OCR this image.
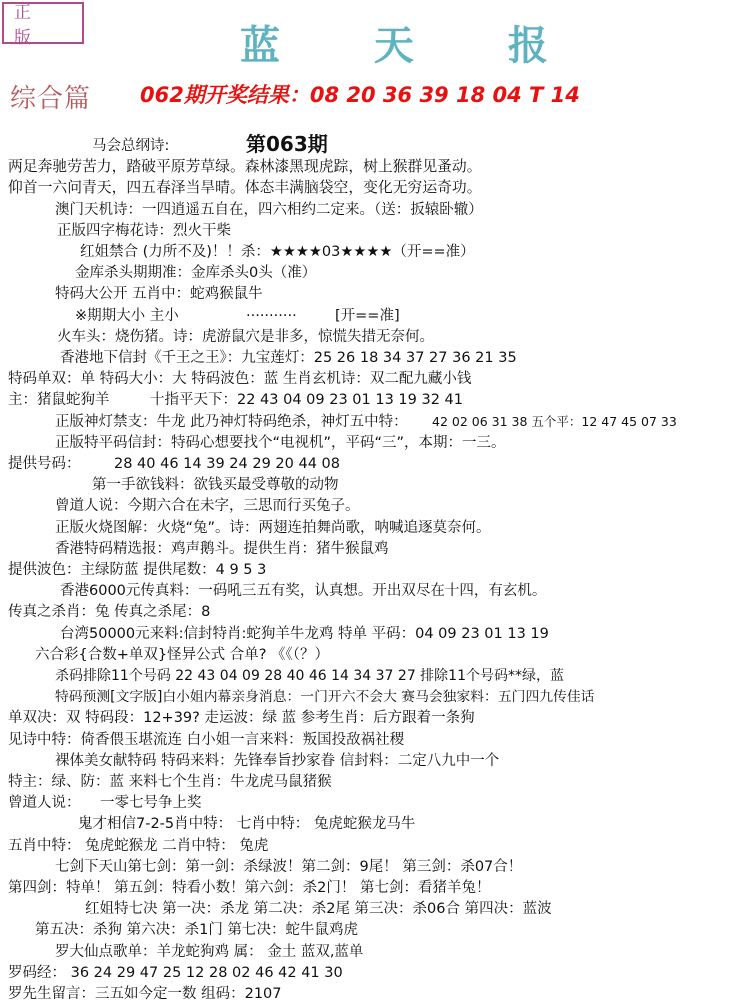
正 版	蓝 天 报
综合篇 062期开奖结果：08 20 36 39 18 04 T 14
第063期
马会总纲诗:
两足奔驰劳苦力，踏破平原芳草绿。森林漆黑现虎踪，树上猴群见蚤动。
仰首一六问青天，四五春泽当旱晴。体态丰满脑袋空，变化无穷运奇功。
澳门天机诗：一四逍遥五自在，四六相约二定来。（送：扳辕卧辙）
正版四字梅花诗：烈火干柴
红姐禁合 (力所不及)！！杀：★★★★03★★★★（开==准）
金库杀头期期准：金库杀头0头（准）
特码大公开 五肖中：蛇鸡猴鼠牛
※期期大小 主小	···········	[开==准]
火车头：烧伤猪。诗：虎游鼠穴是非多，惊慌失措无奈何。
香港地下信封《千王之王》：九宝莲灯：25 26 18 34 37 27 36 21 35
特码单双：单 特码大小：大 特码波色：蓝 生肖玄机诗：双二配九藏小钱
主：猪鼠蛇狗羊	十指平天下：22 43 04 09 23 01 13 19 32 41
正版神灯禁支：牛龙 此乃神灯特码绝杀，神灯五中特： 42 02 06 31 38 五个平：12 47 45 07 33
正版特平码信封：特码心想要找个“电视机”，平码“三”，本期：一三。
提供号码： 28 40 46 14 39 24 29 20 44 08
第一手欲钱料：欲钱买最受尊敬的动物
曾道人说：今期六合在未字，三思而行买兔子。
正版火烧图解：火烧“兔”。诗：两翅连拍舞尚歌，呐喊追逐莫奈何。
香港特码精选报：鸡声鹅斗。提供生肖：猪牛猴鼠鸡
提供波色：主绿防蓝 提供尾数：4 9 5 3
香港6000元传真料：一码吼三五有奖，认真想。开出双尽在十四，有玄机。
传真之杀肖：兔 传真之杀尾：8
台湾50000元来料:信封特肖:蛇狗羊牛龙鸡 特单 平码：04 09 23 01 13 19
六合彩{合数+单双}怪异公式 合单? 《《（？）
杀码排除11个号码 22 43 04 09 28 40 46 14 34 37 27 排除11个号码**绿，蓝
特码预测[文字版]白小姐内幕亲身消息：一门开六不会大 赛马会独家料：五门四九传佳话
单双决：双 特码段：12+39? 走运波：绿 蓝 参考生肖：后方跟着一条狗
见诗中特：倚香偎玉堪流连 白小姐一言来料：叛国投敌祸社稷
裸体美女献特码 特码来料：先锋奉旨抄家眷 信封料：二定八九中一个
特主：绿、防：蓝 来料七个生肖：牛龙虎马鼠猪猴
曾道人说： 一零七号争上奖
鬼才相信7-2-5肖中特： 七肖中特： 兔虎蛇猴龙马牛
五肖中特： 兔虎蛇猴龙 二肖中特： 兔虎
七剑下天山第七剑：第一剑：杀绿波！第二剑：9尾！ 第三剑：杀07合！
第四剑：特单！ 第五剑：特看小数！第六剑：杀2门！ 第七剑：看猪羊兔！
红姐特七决 第一决：杀龙 第二决：杀2尾 第三决：杀06合 第四决：蓝波
第五决：杀狗 第六决：杀1门 第七决：蛇牛鼠鸡虎
罗大仙点歌单：羊龙蛇狗鸡 属： 金土 蓝双,蓝单
罗码经： 36 24 29 47 25 12 28 02 46 42 41 30
罗先生留言：三五如今定一数 组码：2107
